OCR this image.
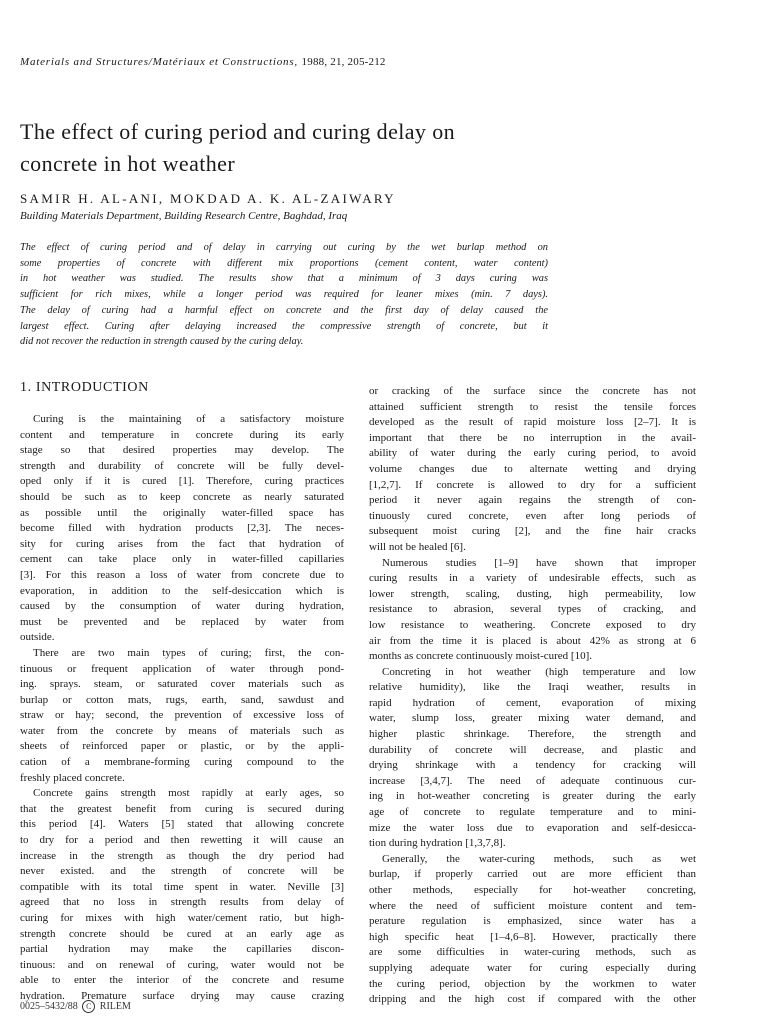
Materials and Structures/Matériaux et Constructions, 1988, 21, 205-212
The effect of curing period and curing delay on
concrete in hot weather
SAMIR H. AL-ANI, MOKDAD A. K. AL-ZAIWARY
Building Materials Department, Building Research Centre, Baghdad, Iraq
The effect of curing period and of delay in carrying out curing by the wet burlap method on
some properties of concrete with different mix proportions (cement content, water content)
in hot weather was studied. The results show that a minimum of 3 days curing was
sufficient for rich mixes, while a longer period was required for leaner mixes (min. 7 days).
The delay of curing had a harmful effect on concrete and the first day of delay caused the
largest effect. Curing after delaying increased the compressive strength of concrete, but it
did not recover the reduction in strength caused by the curing delay.
1. INTRODUCTION
Curing is the maintaining of a satisfactory moisture
content and temperature in concrete during its early
stage so that desired properties may develop. The
strength and durability of concrete will be fully devel-
oped only if it is cured [1]. Therefore, curing practices
should be such as to keep concrete as nearly saturated
as possible until the originally water-filled space has
become filled with hydration products [2,3]. The neces-
sity for curing arises from the fact that hydration of
cement can take place only in water-filled capillaries
[3]. For this reason a loss of water from concrete due to
evaporation, in addition to the self-desiccation which is
caused by the consumption of water during hydration,
must be prevented and be replaced by water from
outside.
There are two main types of curing; first, the con-
tinuous or frequent application of water through pond-
ing. sprays. steam, or saturated cover materials such as
burlap or cotton mats, rugs, earth, sand, sawdust and
straw or hay; second, the prevention of excessive loss of
water from the concrete by means of materials such as
sheets of reinforced paper or plastic, or by the appli-
cation of a membrane-forming curing compound to the
freshly placed concrete.
Concrete gains strength most rapidly at early ages, so
that the greatest benefit from curing is secured during
this period [4]. Waters [5] stated that allowing concrete
to dry for a period and then rewetting it will cause an
increase in the strength as though the dry period had
never existed. and the strength of concrete will be
compatible with its total time spent in water. Neville [3]
agreed that no loss in strength results from delay of
curing for mixes with high water/cement ratio, but high-
strength concrete should be cured at an early age as
partial hydration may make the capillaries discon-
tinuous: and on renewal of curing, water would not be
able to enter the interior of the concrete and resume
hydration. Premature surface drying may cause crazing
or cracking of the surface since the concrete has not
attained sufficient strength to resist the tensile forces
developed as the result of rapid moisture loss [2–7]. It is
important that there be no interruption in the avail-
ability of water during the early curing period, to avoid
volume changes due to alternate wetting and drying
[1,2,7]. If concrete is allowed to dry for a sufficient
period it never again regains the strength of con-
tinuously cured concrete, even after long periods of
subsequent moist curing [2], and the fine hair cracks
will not be healed [6].
Numerous studies [1–9] have shown that improper
curing results in a variety of undesirable effects, such as
lower strength, scaling, dusting, high permeability, low
resistance to abrasion, several types of cracking, and
low resistance to weathering. Concrete exposed to dry
air from the time it is placed is about 42% as strong at 6
months as concrete continuously moist-cured [10].
Concreting in hot weather (high temperature and low
relative humidity), like the Iraqi weather, results in
rapid hydration of cement, evaporation of mixing
water, slump loss, greater mixing water demand, and
higher plastic shrinkage. Therefore, the strength and
durability of concrete will decrease, and plastic and
drying shrinkage with a tendency for cracking will
increase [3,4,7]. The need of adequate continuous cur-
ing in hot-weather concreting is greater during the early
age of concrete to regulate temperature and to mini-
mize the water loss due to evaporation and self-desicca-
tion during hydration [1,3,7,8].
Generally, the water-curing methods, such as wet
burlap, if properly carried out are more efficient than
other methods, especially for hot-weather concreting,
where the need of sufficient moisture content and tem-
perature regulation is emphasized, since water has a
high specific heat [1–4,6–8]. However, practically there
are some difficulties in water-curing methods, such as
supplying adequate water for curing especially during
the curing period, objection by the workmen to water
dripping and the high cost if compared with the other
0025–5432/88 C RILEM
